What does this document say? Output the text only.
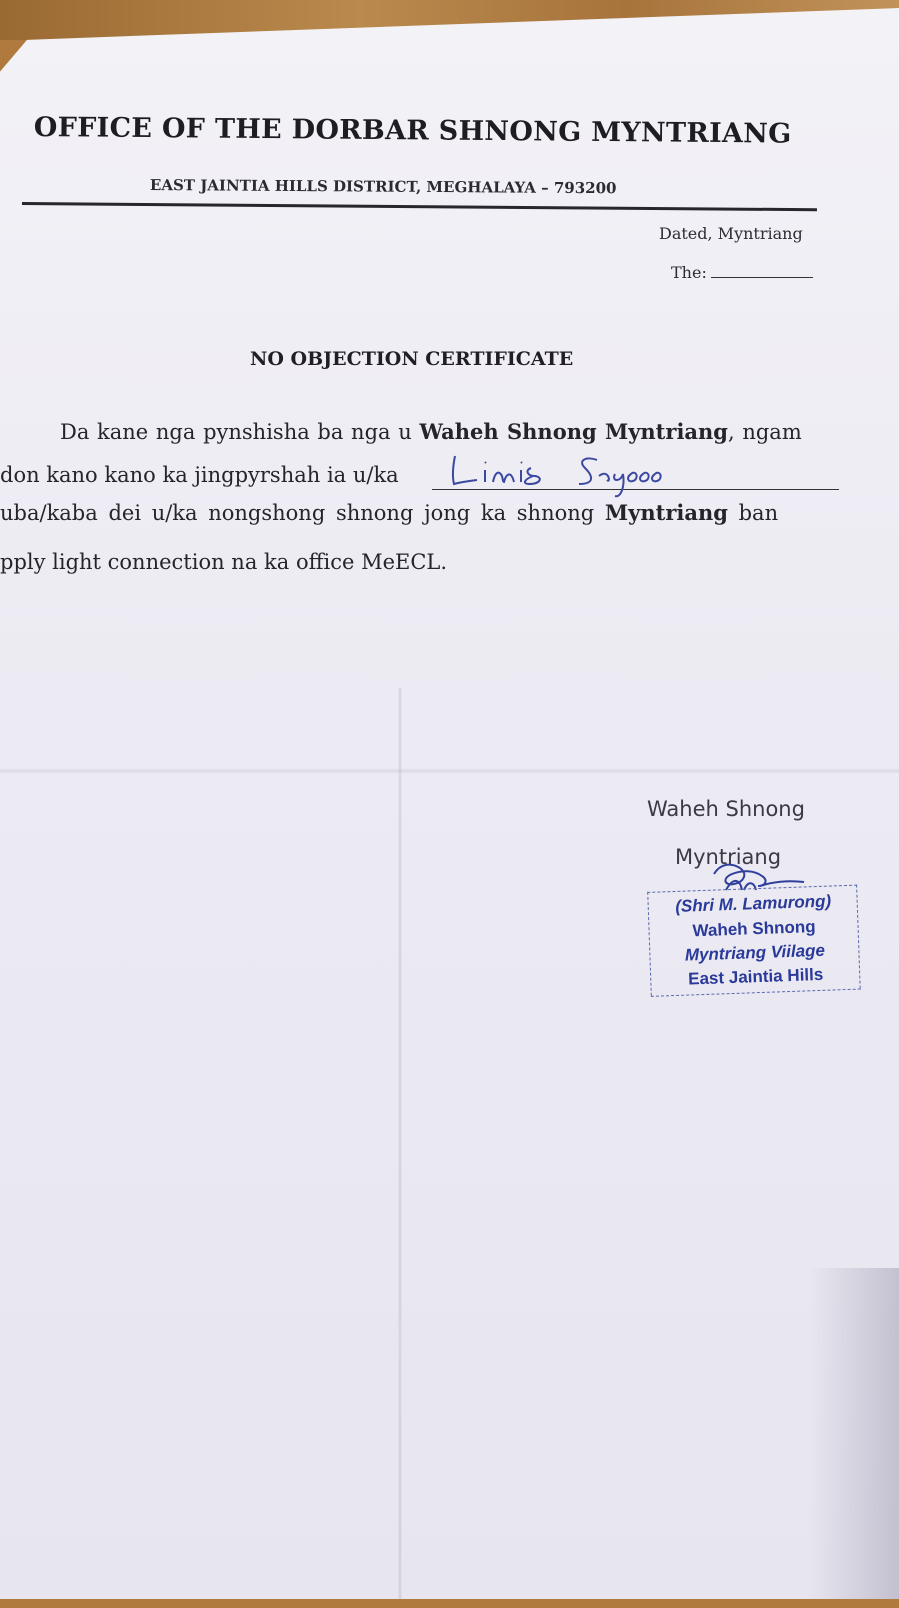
OFFICE OF THE DORBAR SHNONG MYNTRIANG
EAST JAINTIA HILLS DISTRICT, MEGHALAYA – 793200
Dated, Myntriang
The:
NO OBJECTION CERTIFICATE
Da kane nga pynshisha ba nga u Waheh Shnong Myntriang, ngam
don kano kano ka jingpyrshah ia u/ka
uba/kaba dei u/ka nongshong shnong jong ka shnong Myntriang ban
pply light connection na ka office MeECL.
Waheh Shnong
Myntriang
(Shri M. Lamurong)
Waheh Shnong
Myntriang Viilage
East Jaintia Hills
